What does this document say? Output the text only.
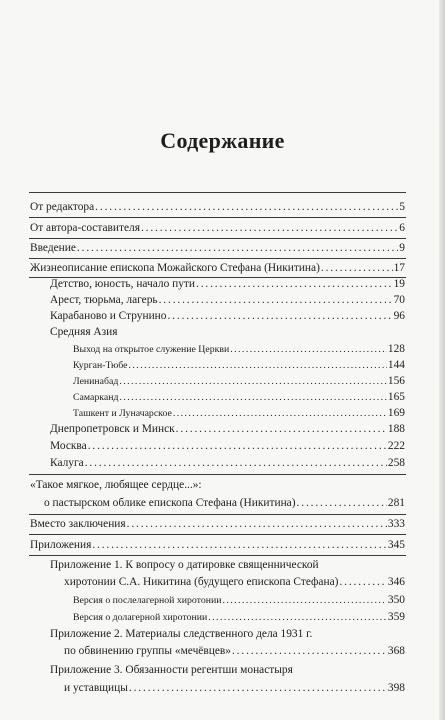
Содержание
От редактора . . .	5
От автора-составителя . . .	6
Введение . . .	9
Жизнеописание епископа Можайского Стефана (Никитина) . . .	17
Детство, юность, начало пути . . .	19
Арест, тюрьма, лагерь . . .	70
Карабаново и Струнино . . .	96
Средняя Азия
Выход на открытое служение Церкви . . .	128
Курган-Тюбе . . .	144
Ленинабад . . .	156
Самарканд . . .	165
Ташкент и Луначарское . . .	169
Днепропетровск и Минск . . .	188
Москва . . .	222
Калуга . . .	258
«Такое мягкое, любящее сердце...»:
о пастырском облике епископа Стефана (Никитина) . . .	281
Вместо заключения . . .	333
Приложения . . .	345
Приложение 1. К вопросу о датировке священнической
хиротонии С.А. Никитина (будущего епископа Стефана) . . .	346
Версия о послелагерной хиротонии . . .	350
Версия о долагерной хиротонии . . .	359
Приложение 2. Материалы следственного дела 1931 г.
по обвинению группы «мечёвцев» . . .	368
Приложение 3. Обязанности регентши монастыря
и уставщицы . . .	398
